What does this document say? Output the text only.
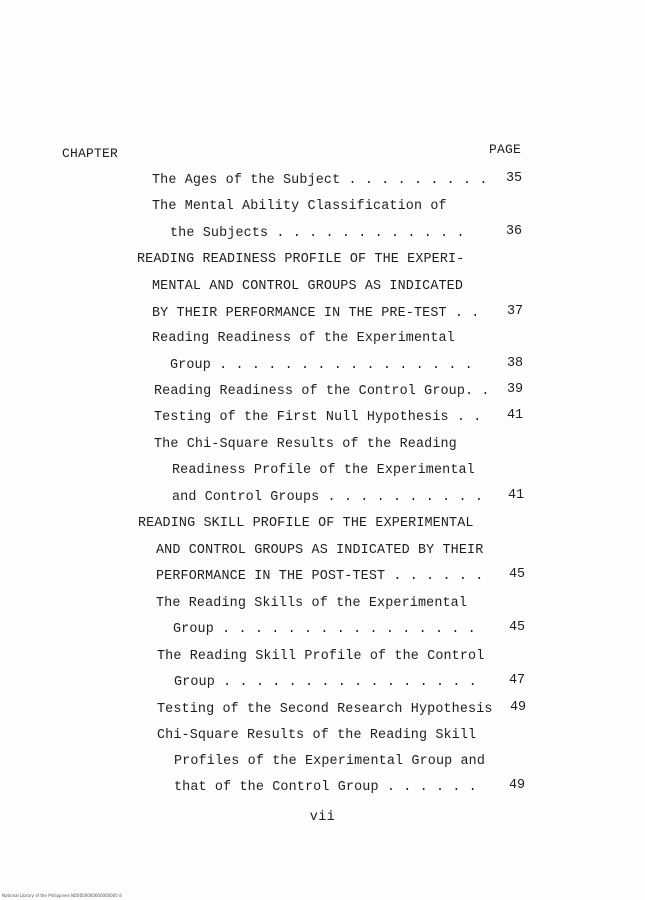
CHAPTER	PAGE
The Ages of the Subject . . . . . . . . .
The Mental Ability Classification of
the Subjects . . . . . . . . . . . .
READING READINESS PROFILE OF THE EXPERI-
MENTAL AND CONTROL GROUPS AS INDICATED
BY THEIR PERFORMANCE IN THE PRE-TEST . .
Reading Readiness of the Experimental
Group . . . . . . . . . . . . . . . .
Reading Readiness of the Control Group. .
Testing of the First Null Hypothesis . .
The Chi-Square Results of the Reading
Readiness Profile of the Experimental
and Control Groups . . . . . . . . . .
READING SKILL PROFILE OF THE EXPERIMENTAL
AND CONTROL GROUPS AS INDICATED BY THEIR
PERFORMANCE IN THE POST-TEST . . . . . .
The Reading Skills of the Experimental
Group . . . . . . . . . . . . . . . .
The Reading Skill Profile of the Control
Group . . . . . . . . . . . . . . . .
Testing of the Second Research Hypothesis
Chi-Square Results of the Reading Skill
Profiles of the Experimental Group and
that of the Control Group . . . . . .
35
36
37
38
39
41
41
45
45
47
49
49
vii
National Library of the Philippines ND0000000000000000 iii
